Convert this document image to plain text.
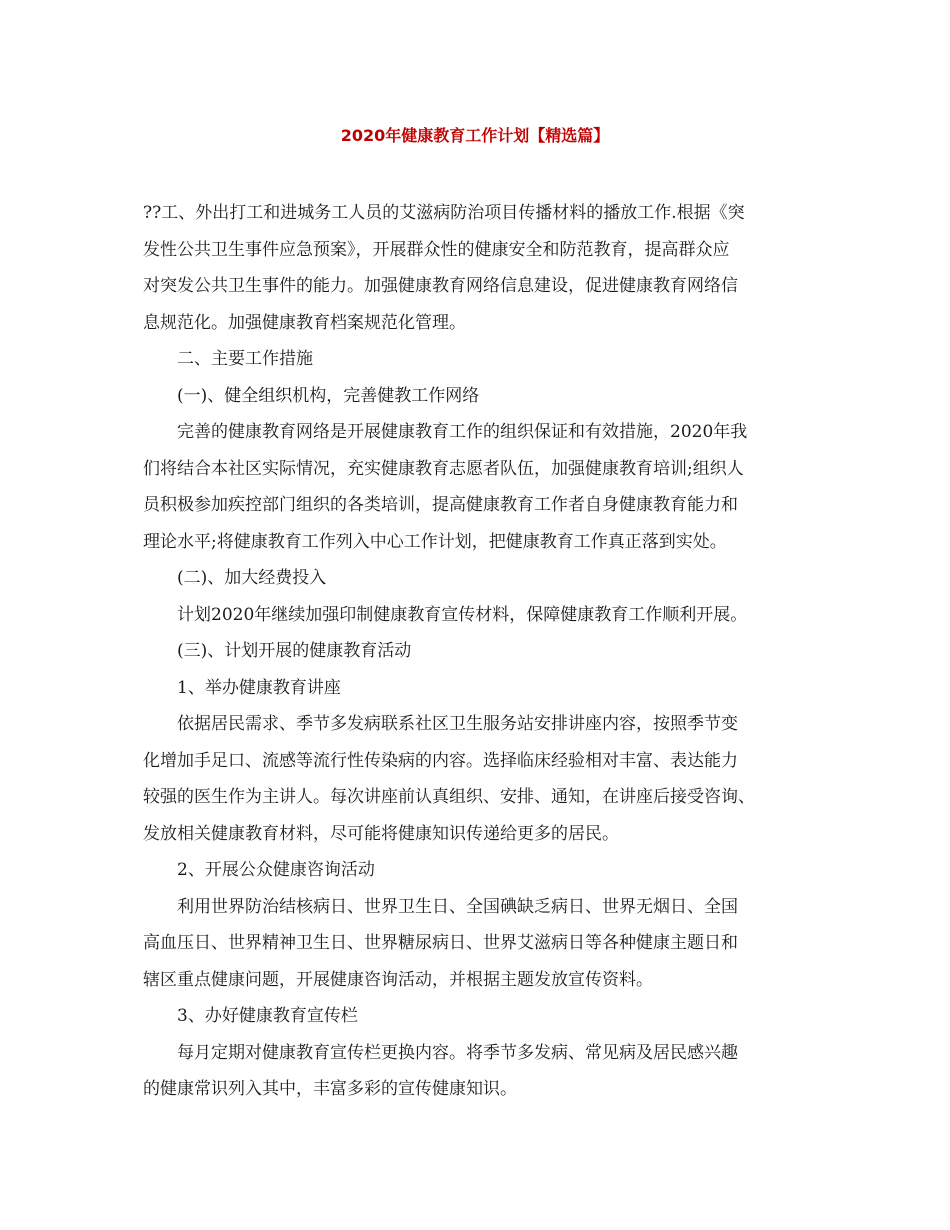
2020年健康教育工作计划【精选篇】
??工、外出打工和进城务工人员的艾滋病防治项目传播材料的播放工作.根据《突
发性公共卫生事件应急预案》，开展群众性的健康安全和防范教育，提高群众应
对突发公共卫生事件的能力。加强健康教育网络信息建设，促进健康教育网络信
息规范化。加强健康教育档案规范化管理。
二、主要工作措施
(一)、健全组织机构，完善健教工作网络
完善的健康教育网络是开展健康教育工作的组织保证和有效措施，2020年我
们将结合本社区实际情况，充实健康教育志愿者队伍，加强健康教育培训;组织人
员积极参加疾控部门组织的各类培训，提高健康教育工作者自身健康教育能力和
理论水平;将健康教育工作列入中心工作计划，把健康教育工作真正落到实处。
(二)、加大经费投入
计划2020年继续加强印制健康教育宣传材料，保障健康教育工作顺利开展。
(三)、计划开展的健康教育活动
1、举办健康教育讲座
依据居民需求、季节多发病联系社区卫生服务站安排讲座内容，按照季节变
化增加手足口、流感等流行性传染病的内容。选择临床经验相对丰富、表达能力
较强的医生作为主讲人。每次讲座前认真组织、安排、通知，在讲座后接受咨询、
发放相关健康教育材料，尽可能将健康知识传递给更多的居民。
2、开展公众健康咨询活动
利用世界防治结核病日、世界卫生日、全国碘缺乏病日、世界无烟日、全国
高血压日、世界精神卫生日、世界糖尿病日、世界艾滋病日等各种健康主题日和
辖区重点健康问题，开展健康咨询活动，并根据主题发放宣传资料。
3、办好健康教育宣传栏
每月定期对健康教育宣传栏更换内容。将季节多发病、常见病及居民感兴趣
的健康常识列入其中，丰富多彩的宣传健康知识。
